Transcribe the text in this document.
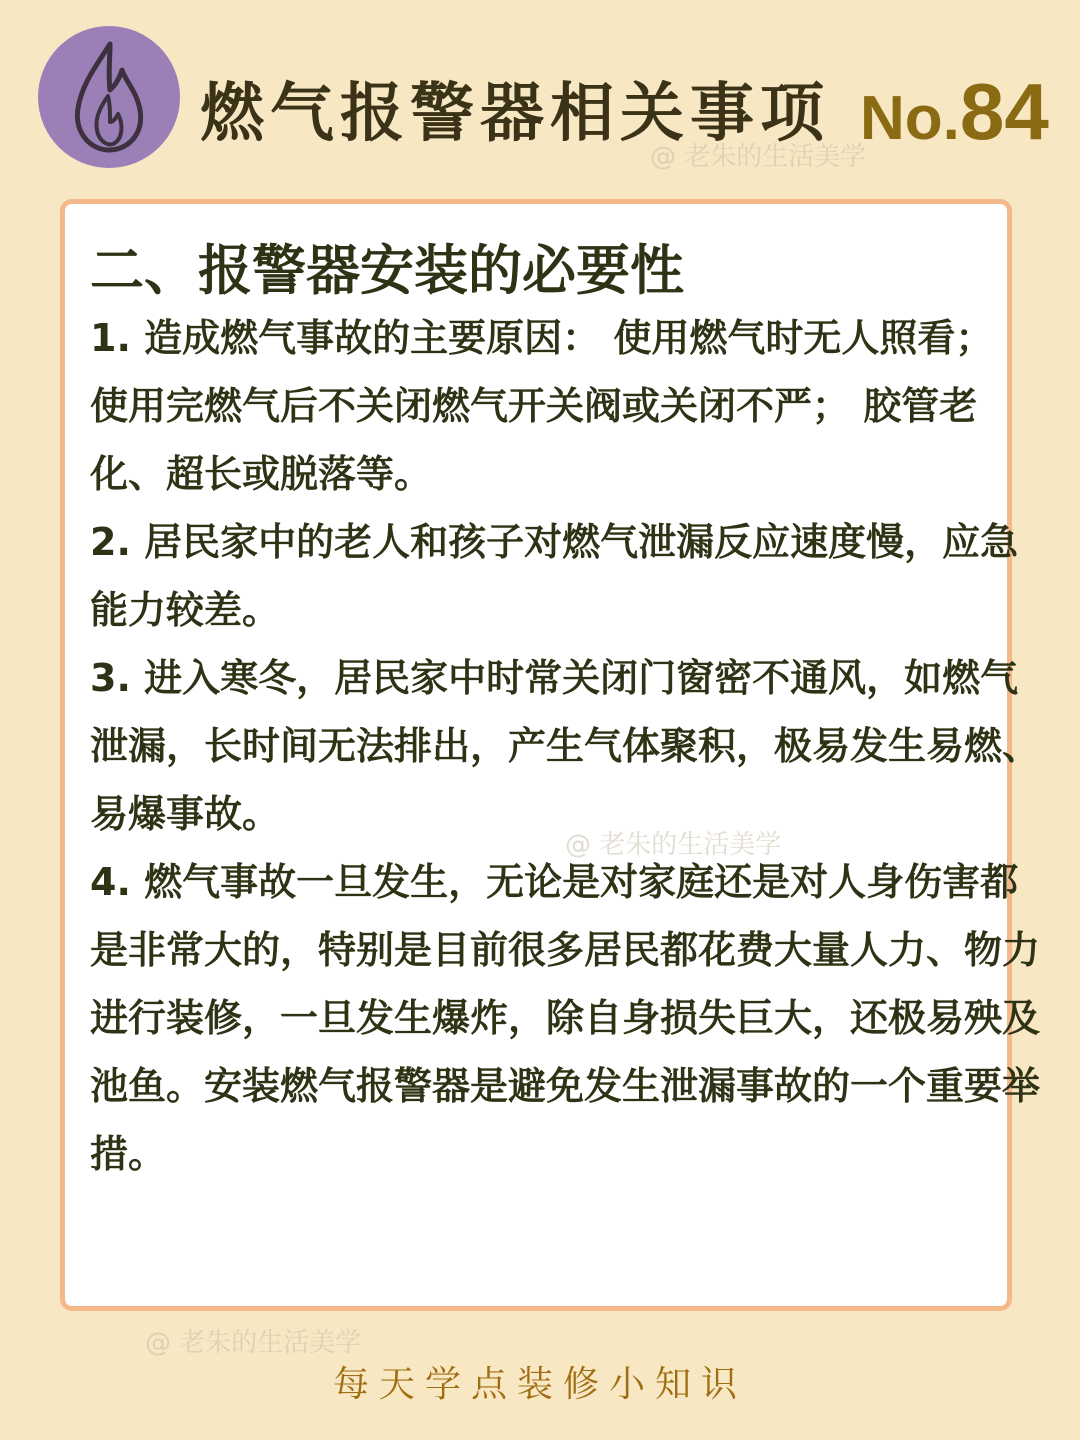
燃气报警器相关事项 No.84
@ 老朱的生活美学
二、报警器安装的必要性

1. 造成燃气事故的主要原因： 使用燃气时无人照看； 使用完燃气后不关闭燃气开关阀或关闭不严； 胶管老化、超长或脱落等。

2. 居民家中的老人和孩子对燃气泄漏反应速度慢，应急能力较差。

3. 进入寒冬，居民家中时常关闭门窗密不通风，如燃气泄漏，长时间无法排出，产生气体聚积，极易发生易燃、易爆事故。

4. 燃气事故一旦发生，无论是对家庭还是对人身伤害都是非常大的，特别是目前很多居民都花费大量人力、物力进行装修，一旦发生爆炸，除自身损失巨大，还极易殃及池鱼。安装燃气报警器是避免发生泄漏事故的一个重要举措。

@ 老朱的生活美学
@ 老朱的生活美学
每天学点装修小知识
